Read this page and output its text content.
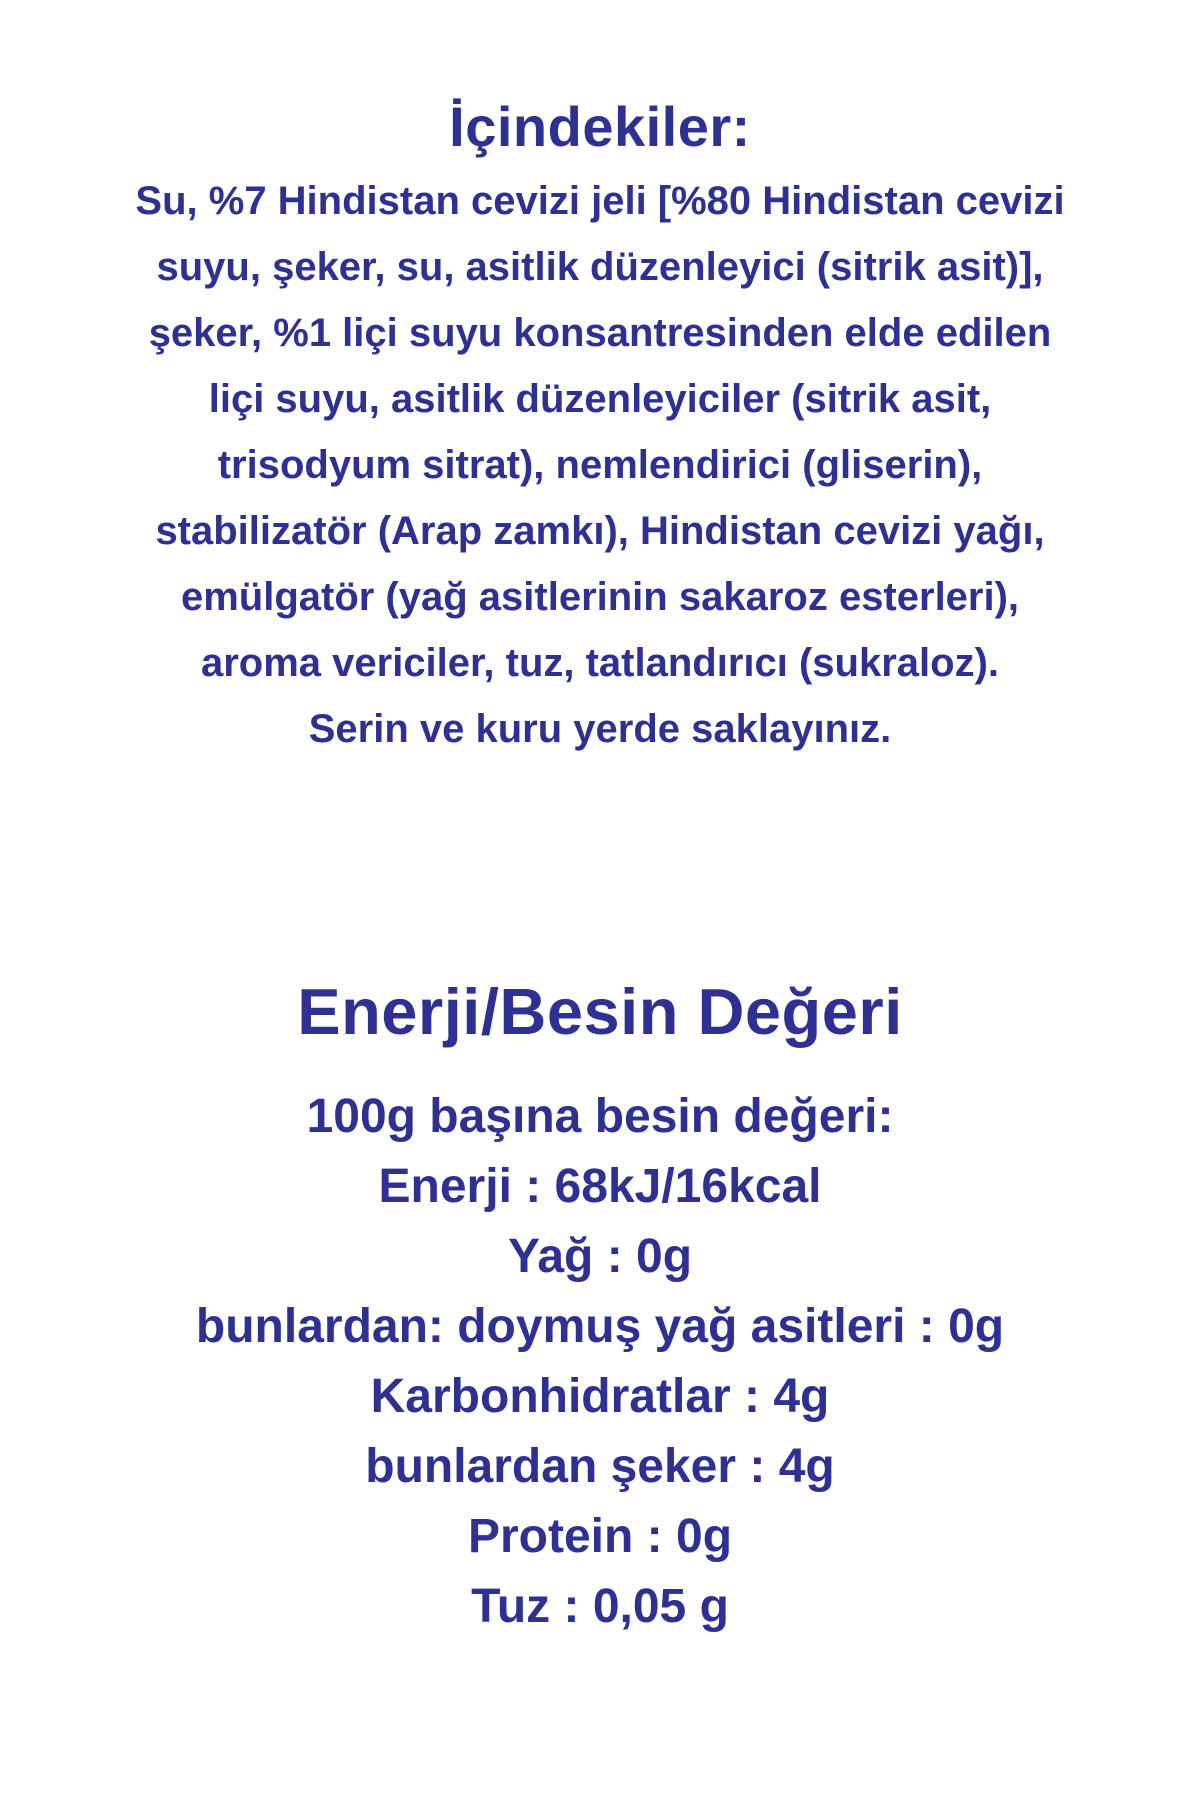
İçindekiler:
Su, %7 Hindistan cevizi jeli [%80 Hindistan cevizi
suyu, şeker, su, asitlik düzenleyici (sitrik asit)],
şeker, %1 liçi suyu konsantresinden elde edilen
liçi suyu, asitlik düzenleyiciler (sitrik asit,
trisodyum sitrat), nemlendirici (gliserin),
stabilizatör (Arap zamkı), Hindistan cevizi yağı,
emülgatör (yağ asitlerinin sakaroz esterleri),
aroma vericiler, tuz, tatlandırıcı (sukraloz).
Serin ve kuru yerde saklayınız.
Enerji/Besin Değeri
100g başına besin değeri:
Enerji : 68kJ/16kcal
Yağ : 0g
bunlardan: doymuş yağ asitleri : 0g
Karbonhidratlar : 4g
bunlardan şeker : 4g
Protein : 0g
Tuz : 0,05 g
